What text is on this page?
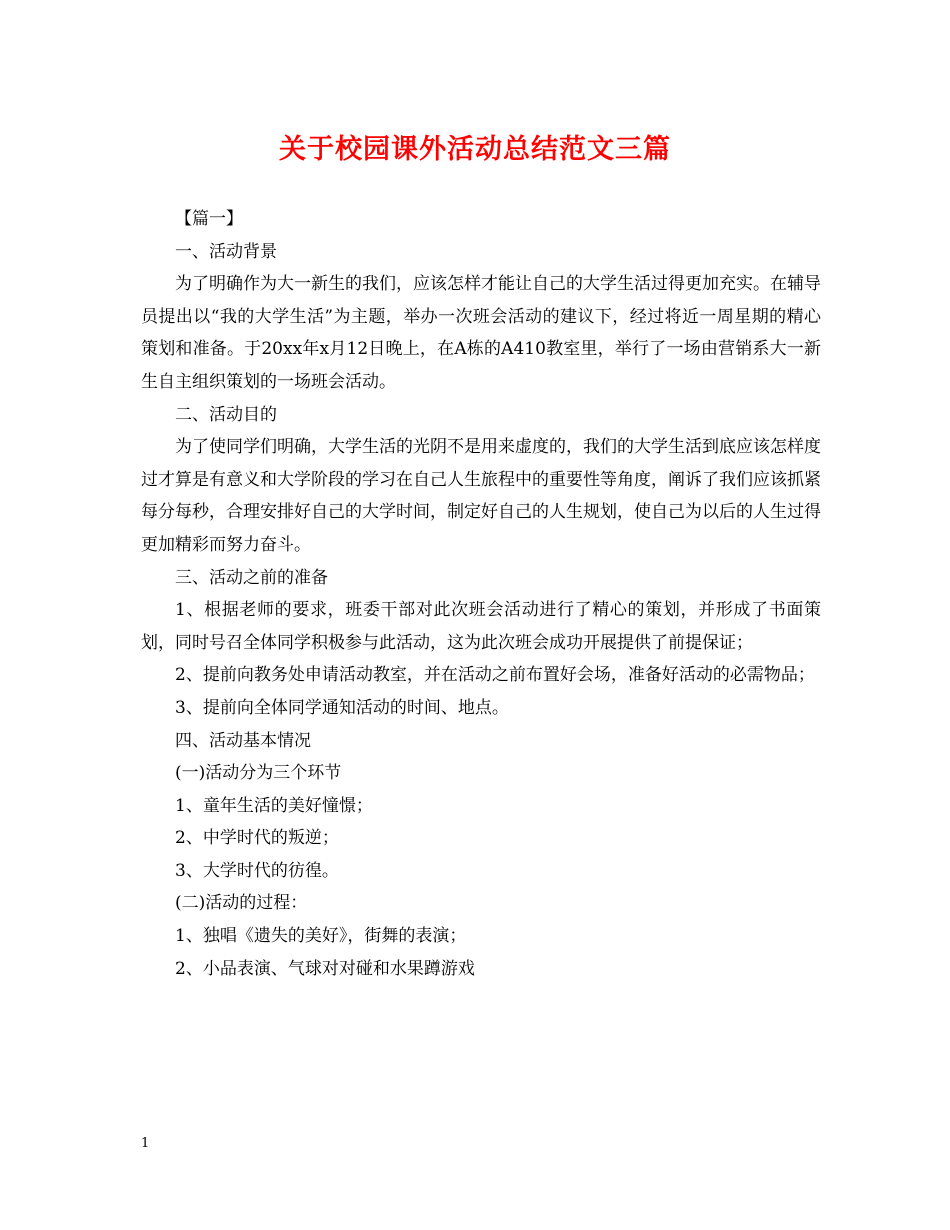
关于校园课外活动总结范文三篇

【篇一】

一、活动背景

为了明确作为大一新生的我们，应该怎样才能让自己的大学生活过得更加充实。在辅导员提出以“我的大学生活”为主题，举办一次班会活动的建议下，经过将近一周星期的精心策划和准备。于20xx年x月12日晚上，在A栋的A410教室里，举行了一场由营销系大一新生自主组织策划的一场班会活动。

二、活动目的

为了使同学们明确，大学生活的光阴不是用来虚度的，我们的大学生活到底应该怎样度过才算是有意义和大学阶段的学习在自己人生旅程中的重要性等角度，阐诉了我们应该抓紧每分每秒，合理安排好自己的大学时间，制定好自己的人生规划，使自己为以后的人生过得更加精彩而努力奋斗。

三、活动之前的准备

1、根据老师的要求，班委干部对此次班会活动进行了精心的策划，并形成了书面策划，同时号召全体同学积极参与此活动，这为此次班会成功开展提供了前提保证；

2、提前向教务处申请活动教室，并在活动之前布置好会场，准备好活动的必需物品；

3、提前向全体同学通知活动的时间、地点。

四、活动基本情况

(一)活动分为三个环节

1、童年生活的美好憧憬；

2、中学时代的叛逆；

3、大学时代的彷徨。

(二)活动的过程：

1、独唱《遗失的美好》，街舞的表演；

2、小品表演、气球对对碰和水果蹲游戏

1
